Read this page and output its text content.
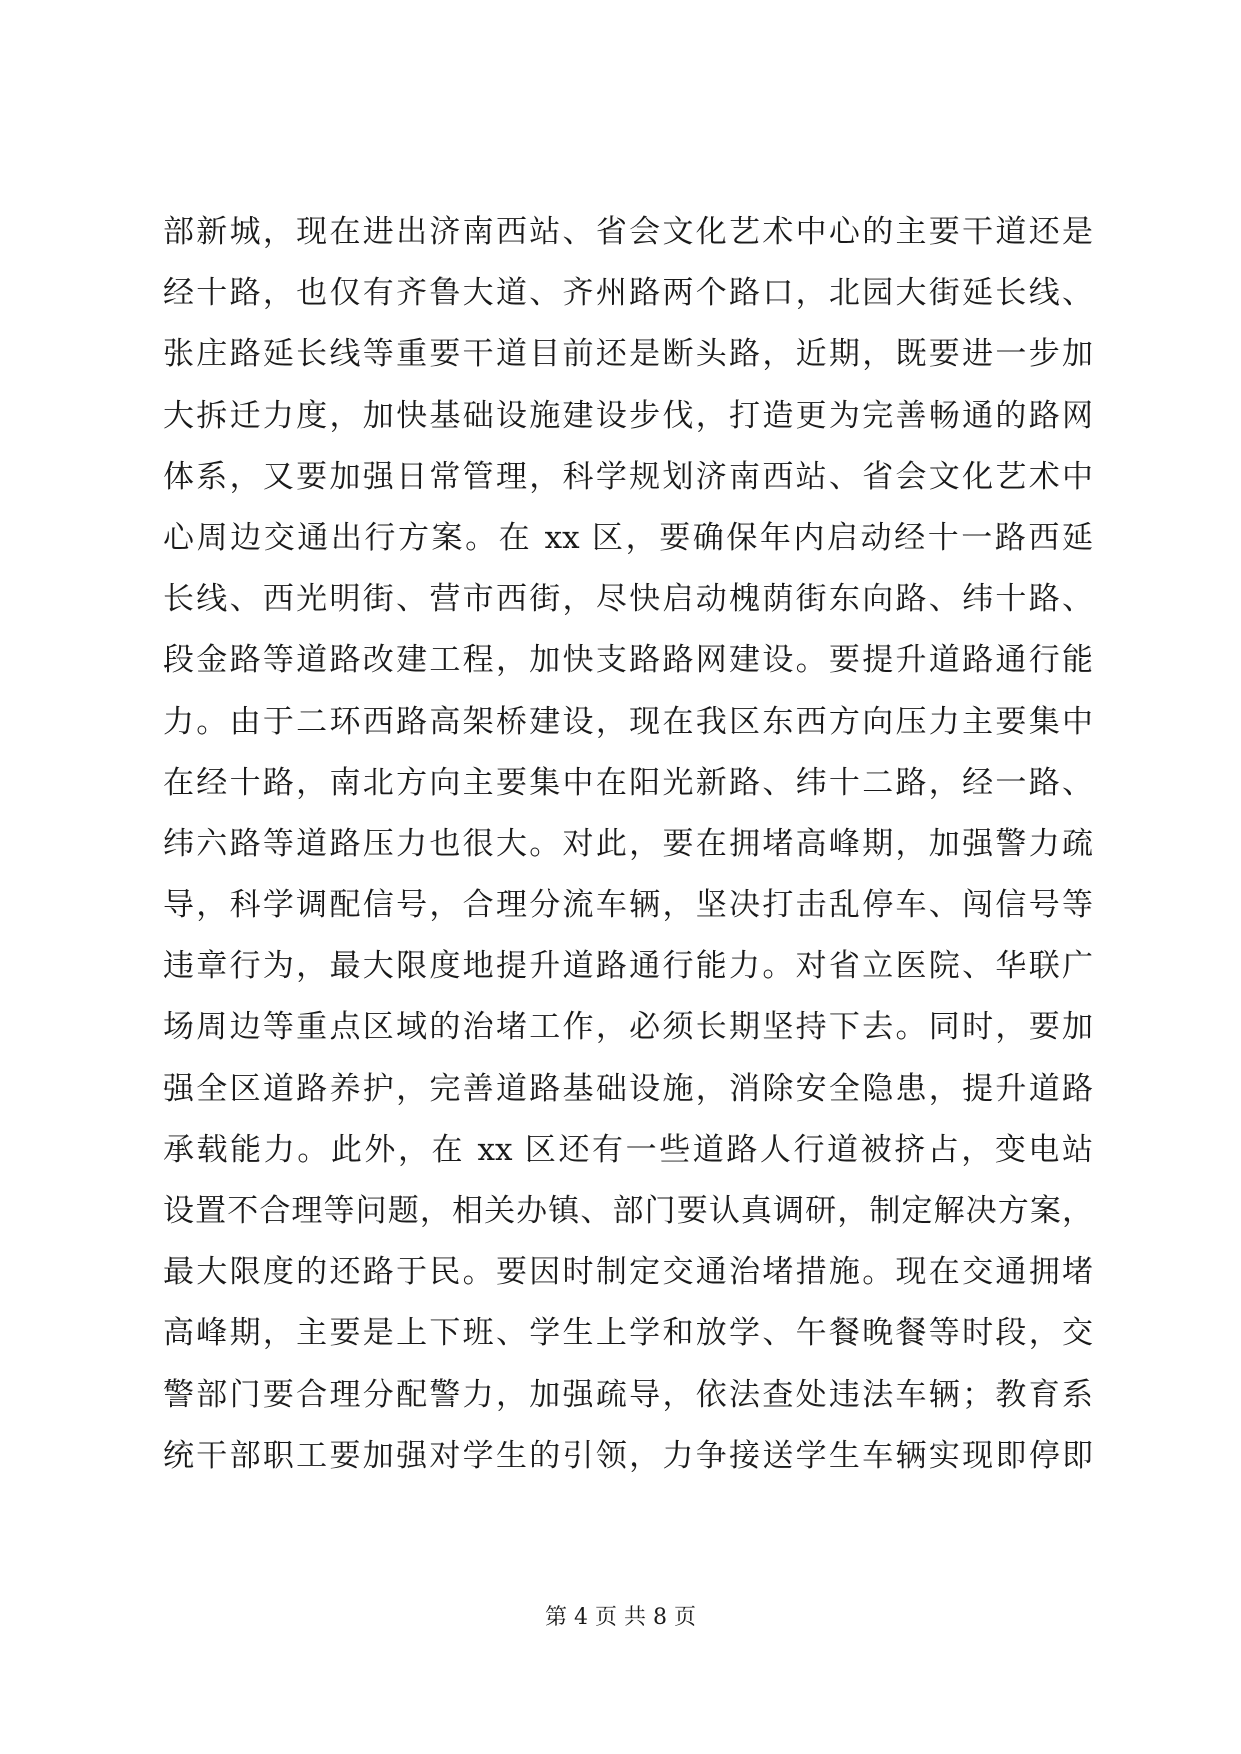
部新城，现在进出济南西站、省会文化艺术中心的主要干道还是
经十路，也仅有齐鲁大道、齐州路两个路口，北园大街延长线、
张庄路延长线等重要干道目前还是断头路，近期，既要进一步加
大拆迁力度，加快基础设施建设步伐，打造更为完善畅通的路网
体系，又要加强日常管理，科学规划济南西站、省会文化艺术中
心周边交通出行方案。在 xx 区，要确保年内启动经十一路西延
长线、西光明街、营市西街，尽快启动槐荫街东向路、纬十路、
段金路等道路改建工程，加快支路路网建设。要提升道路通行能
力。由于二环西路高架桥建设，现在我区东西方向压力主要集中
在经十路，南北方向主要集中在阳光新路、纬十二路，经一路、
纬六路等道路压力也很大。对此，要在拥堵高峰期，加强警力疏
导，科学调配信号，合理分流车辆，坚决打击乱停车、闯信号等
违章行为，最大限度地提升道路通行能力。对省立医院、华联广
场周边等重点区域的治堵工作，必须长期坚持下去。同时，要加
强全区道路养护，完善道路基础设施，消除安全隐患，提升道路
承载能力。此外，在 xx 区还有一些道路人行道被挤占，变电站
设置不合理等问题，相关办镇、部门要认真调研，制定解决方案，
最大限度的还路于民。要因时制定交通治堵措施。现在交通拥堵
高峰期，主要是上下班、学生上学和放学、午餐晚餐等时段，交
警部门要合理分配警力，加强疏导，依法查处违法车辆；教育系
统干部职工要加强对学生的引领，力争接送学生车辆实现即停即
第 4 页 共 8 页
